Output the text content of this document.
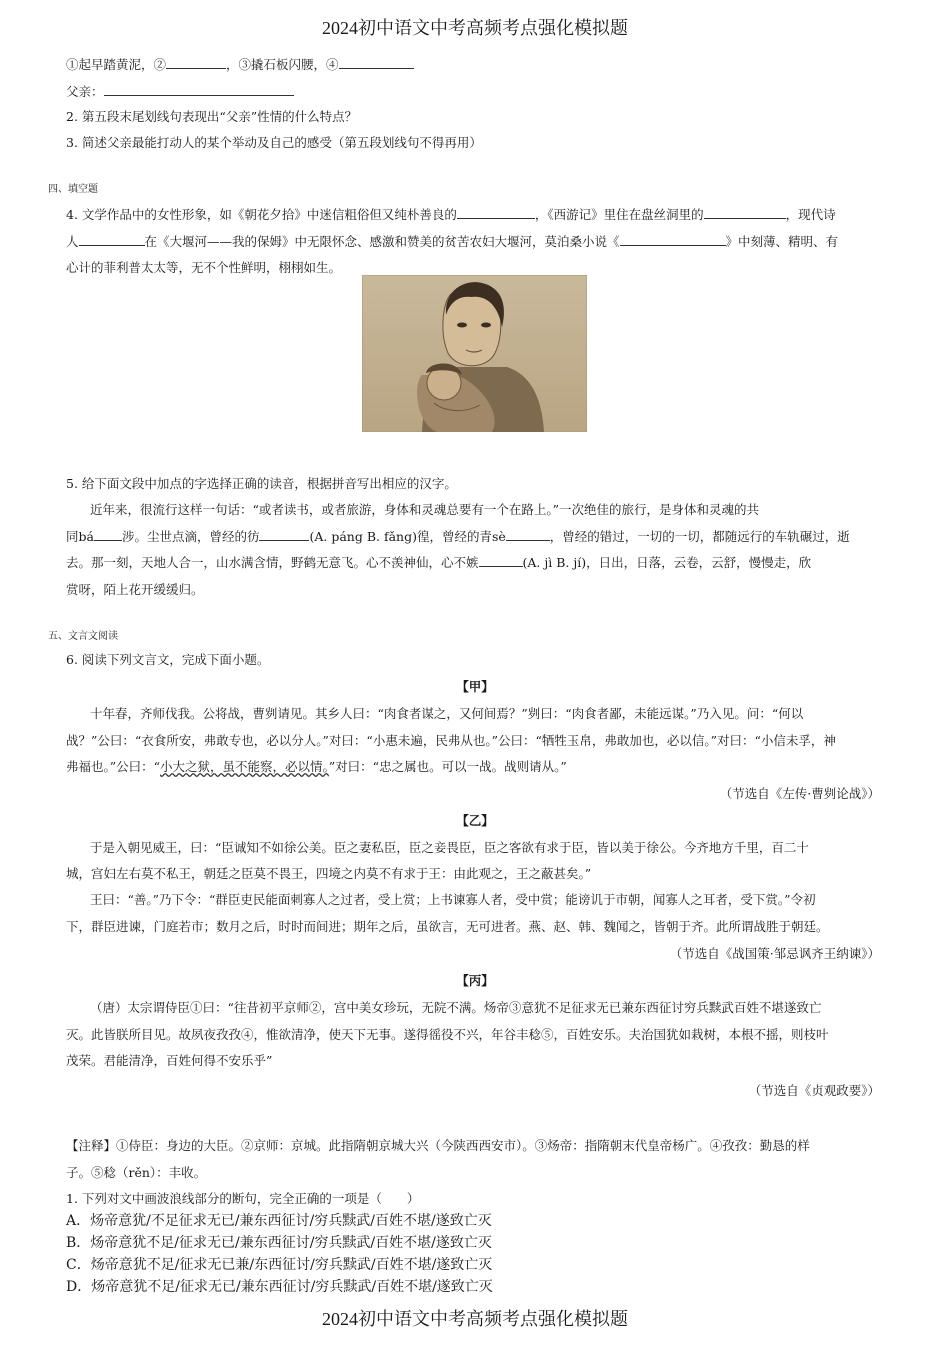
2024初中语文中考高频考点强化模拟题
①起早踏黄泥，②	，③撬石板闪腰，④
父亲：
2. 第五段末尾划线句表现出“父亲”性情的什么特点？
3. 简述父亲最能打动人的某个举动及自己的感受（第五段划线句不得再用）
四、填空题
4. 文学作品中的女性形象，如《朝花夕拾》中迷信粗俗但又纯朴善良的	，《西游记》里住在盘丝洞里的	，现代诗
人	在《大堰河——我的保姆》中无限怀念、感激和赞美的贫苦农妇大堰河，莫泊桑小说《	》中刻薄、精明、有
心计的菲利普太太等，无不个性鲜明，栩栩如生。
5. 给下面文段中加点的字选择正确的读音，根据拼音写出相应的汉字。
近年来，很流行这样一句话：“或者读书，或者旅游，身体和灵魂总要有一个在路上。”一次绝佳的旅行，是身体和灵魂的共
同bá 涉。尘世点滴，曾经的彷	(A. páng B. fǎng)徨，曾经的青sè	，曾经的错过，一切的一切，都随远行的车轨碾过，逝
去。那一刻，天地人合一，山水满含情，野鹤无意飞。心不羡神仙，心不嫉	(A. jì B. jí)，日出，日落，云卷，云舒，慢慢走，欣
赏呀，陌上花开缓缓归。
五、文言文阅读
6. 阅读下列文言文，完成下面小题。
【甲】
十年春，齐师伐我。公将战，曹刿请见。其乡人曰：“肉食者谋之，又何间焉？”刿曰：“肉食者鄙，未能远谋。”乃入见。问：“何以
战？”公曰：“衣食所安，弗敢专也，必以分人。”对曰：“小惠未遍，民弗从也。”公曰：“牺牲玉帛，弗敢加也，必以信。”对曰：“小信未孚，神
弗福也。”公曰：“小大之狱，虽不能察，必以情。”对曰：“忠之属也。可以一战。战则请从。”
（节选自《左传·曹刿论战》）
【乙】
于是入朝见威王，曰：“臣诚知不如徐公美。臣之妻私臣，臣之妾畏臣，臣之客欲有求于臣，皆以美于徐公。今齐地方千里，百二十
城，宫妇左右莫不私王，朝廷之臣莫不畏王，四境之内莫不有求于王：由此观之，王之蔽甚矣。”
王曰：“善。”乃下令：“群臣吏民能面刺寡人之过者，受上赏；上书谏寡人者，受中赏；能谤讥于市朝，闻寡人之耳者，受下赏。”令初
下，群臣进谏，门庭若市；数月之后，时时而间进；期年之后，虽欲言，无可进者。燕、赵、韩、魏闻之，皆朝于齐。此所谓战胜于朝廷。
（节选自《战国策·邹忌讽齐王纳谏》）
【丙】
（唐）太宗谓侍臣①曰：“往昔初平京师②，宫中美女珍玩，无院不满。炀帝③意犹不足征求无已兼东西征讨穷兵黩武百姓不堪遂致亡
灭。此皆朕所目见。故夙夜孜孜④，惟欲清净，使天下无事。遂得徭役不兴，年谷丰稔⑤，百姓安乐。夫治国犹如栽树，本根不摇，则枝叶
茂荣。君能清净，百姓何得不安乐乎”
（节选自《贞观政要》）
【注释】①侍臣：身边的大臣。②京师：京城。此指隋朝京城大兴（今陕西西安市）。③炀帝：指隋朝末代皇帝杨广。④孜孜：勤恳的样
子。⑤稔（rěn）：丰收。
1. 下列对文中画波浪线部分的断句，完全正确的一项是（　　）
A．炀帝意犹/不足征求无已/兼东西征讨/穷兵黩武/百姓不堪/遂致亡灭
B．炀帝意犹不足/征求无已/兼东西征讨/穷兵黩武/百姓不堪/遂致亡灭
C．炀帝意犹不足/征求无已兼/东西征讨/穷兵黩武/百姓不堪/遂致亡灭
D．炀帝意犹不足/征求无已/兼东西征讨/穷兵黩武/百姓不堪/遂致亡灭
2024初中语文中考高频考点强化模拟题
